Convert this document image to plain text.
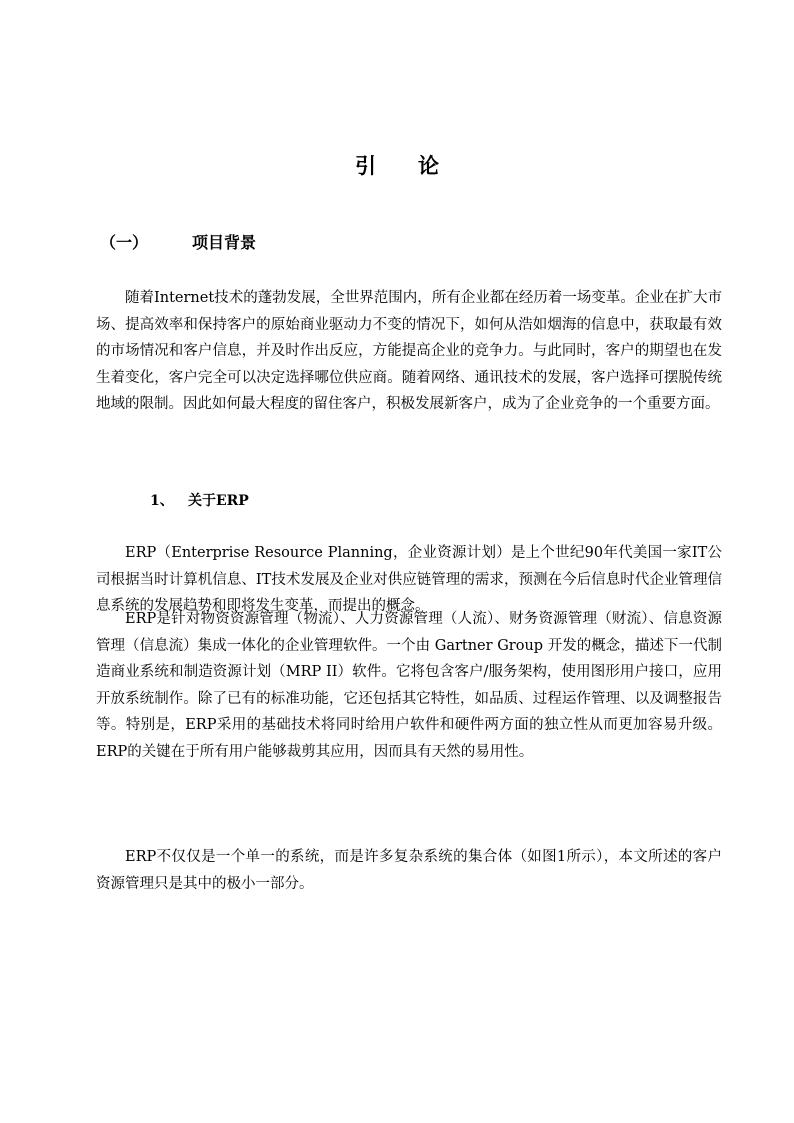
引 论
（一）	项目背景

随着Internet技术的蓬勃发展，全世界范围内，所有企业都在经历着一场变革。企业在扩大市场、提高效率和保持客户的原始商业驱动力不变的情况下，如何从浩如烟海的信息中，获取最有效的市场情况和客户信息，并及时作出反应，方能提高企业的竞争力。与此同时，客户的期望也在发生着变化，客户完全可以决定选择哪位供应商。随着网络、通讯技术的发展，客户选择可摆脱传统地域的限制。因此如何最大程度的留住客户，积极发展新客户，成为了企业竞争的一个重要方面。

1、 关于ERP

ERP（Enterprise Resource Planning，企业资源计划）是上个世纪90年代美国一家IT公司根据当时计算机信息、IT技术发展及企业对供应链管理的需求，预测在今后信息时代企业管理信息系统的发展趋势和即将发生变革，而提出的概念。

ERP是针对物资资源管理（物流）、人力资源管理（人流）、财务资源管理（财流）、信息资源管理（信息流）集成一体化的企业管理软件。一个由 Gartner Group 开发的概念，描述下一代制造商业系统和制造资源计划（MRP II）软件。它将包含客户/服务架构，使用图形用户接口，应用开放系统制作。除了已有的标准功能，它还包括其它特性，如品质、过程运作管理、以及调整报告等。特别是，ERP采用的基础技术将同时给用户软件和硬件两方面的独立性从而更加容易升级。ERP的关键在于所有用户能够裁剪其应用，因而具有天然的易用性。

ERP不仅仅是一个单一的系统，而是许多复杂系统的集合体（如图1所示），本文所述的客户资源管理只是其中的极小一部分。
